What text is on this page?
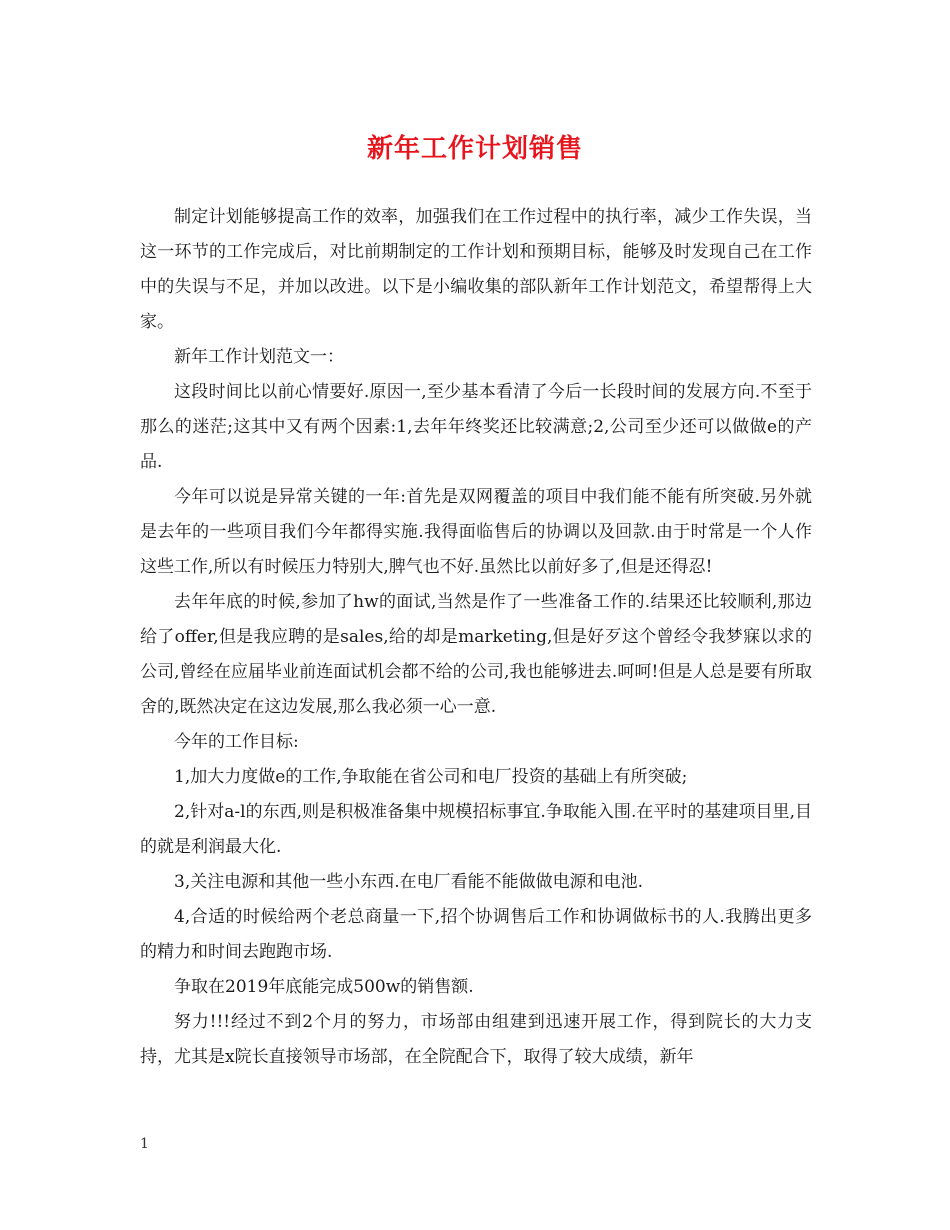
新年工作计划销售

制定计划能够提高工作的效率，加强我们在工作过程中的执行率，减少工作失误，当这一环节的工作完成后，对比前期制定的工作计划和预期目标，能够及时发现自己在工作中的失误与不足，并加以改进。以下是小编收集的部队新年工作计划范文，希望帮得上大家。

新年工作计划范文一：

这段时间比以前心情要好.原因一,至少基本看清了今后一长段时间的发展方向.不至于那么的迷茫;这其中又有两个因素:1,去年年终奖还比较满意;2,公司至少还可以做做e的产品.

今年可以说是异常关键的一年:首先是双网覆盖的项目中我们能不能有所突破.另外就是去年的一些项目我们今年都得实施.我得面临售后的协调以及回款.由于时常是一个人作这些工作,所以有时候压力特别大,脾气也不好.虽然比以前好多了,但是还得忍!

去年年底的时候,参加了hw的面试,当然是作了一些准备工作的.结果还比较顺利,那边给了offer,但是我应聘的是sales,给的却是marketing,但是好歹这个曾经令我梦寐以求的公司,曾经在应届毕业前连面试机会都不给的公司,我也能够进去.呵呵!但是人总是要有所取舍的,既然决定在这边发展,那么我必须一心一意.

今年的工作目标:

1,加大力度做e的工作,争取能在省公司和电厂投资的基础上有所突破;

2,针对a-l的东西,则是积极准备集中规模招标事宜.争取能入围.在平时的基建项目里,目的就是利润最大化.

3,关注电源和其他一些小东西.在电厂看能不能做做电源和电池.

4,合适的时候给两个老总商量一下,招个协调售后工作和协调做标书的人.我腾出更多的精力和时间去跑跑市场.

争取在2019年底能完成500w的销售额.

努力!!!经过不到2个月的努力，市场部由组建到迅速开展工作，得到院长的大力支持，尤其是x院长直接领导市场部，在全院配合下，取得了较大成绩，新年

1
